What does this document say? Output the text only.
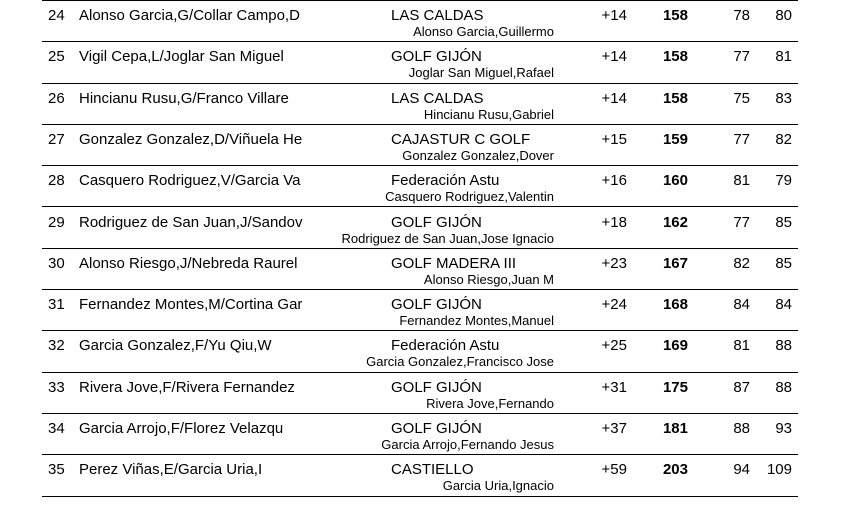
24 Alonso Garcia,G/Collar Campo,D	LAS CALDAS	+14	158	78	80
Alonso Garcia,Guillermo
25 Vigil Cepa,L/Joglar San Miguel	GOLF GIJÓN	+14	158	77	81
Joglar San Miguel,Rafael
26 Hincianu Rusu,G/Franco Villare	LAS CALDAS	+14	158	75	83
Hincianu Rusu,Gabriel
27 Gonzalez Gonzalez,D/Viñuela He	CAJASTUR C GOLF	+15	159	77	82
Gonzalez Gonzalez,Dover
28 Casquero Rodriguez,V/Garcia Va	Federación Astu	+16	160	81	79
Casquero Rodriguez,Valentin
29 Rodriguez de San Juan,J/Sandov	GOLF GIJÓN	+18	162	77	85
Rodriguez de San Juan,Jose Ignacio
30 Alonso Riesgo,J/Nebreda Raurel	GOLF MADERA III	+23	167	82	85
Alonso Riesgo,Juan M
31 Fernandez Montes,M/Cortina Gar	GOLF GIJÓN	+24	168	84	84
Fernandez Montes,Manuel
32 Garcia Gonzalez,F/Yu Qiu,W	Federación Astu	+25	169	81	88
Garcia Gonzalez,Francisco Jose
33 Rivera Jove,F/Rivera Fernandez	GOLF GIJÓN	+31	175	87	88
Rivera Jove,Fernando
34 Garcia Arrojo,F/Florez Velazqu	GOLF GIJÓN	+37	181	88	93
Garcia Arrojo,Fernando Jesus
35 Perez Viñas,E/Garcia Uria,I	CASTIELLO	+59	203	94	109
Garcia Uria,Ignacio
